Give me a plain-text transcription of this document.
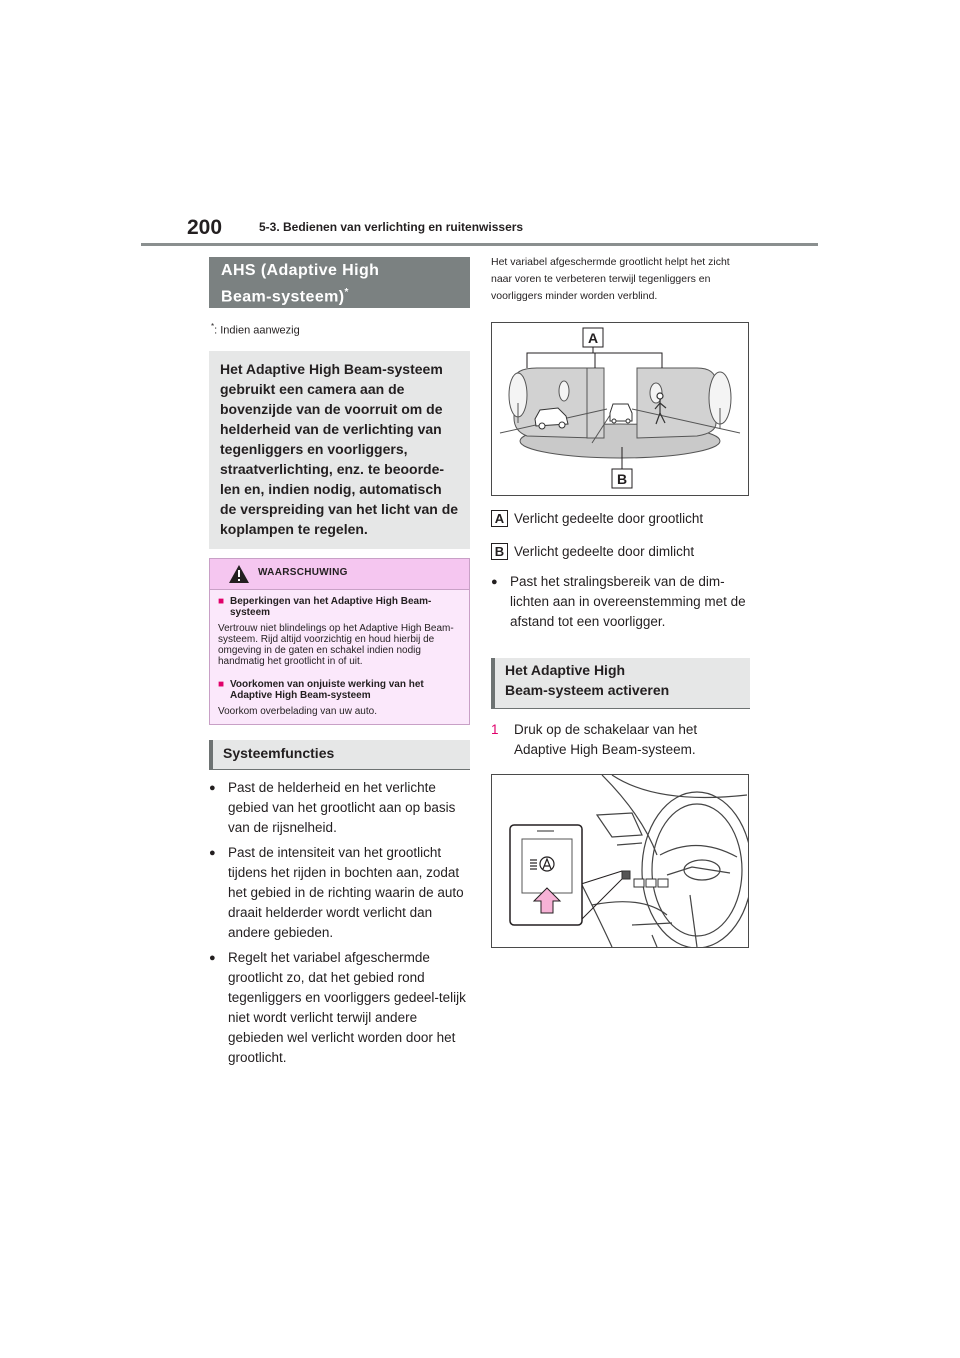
200	5-3. Bedienen van verlichting en ruitenwissers
AHS (Adaptive High
Beam-systeem)*
*: Indien aanwezig
Het Adaptive High Beam-systeem gebruikt een camera aan de bovenzijde van de voorruit om de helderheid van de verlichting van tegenliggers en voorliggers, straatverlichting, enz. te beoorde-len en, indien nodig, automatisch de verspreiding van het licht van de koplampen te regelen.
WAARSCHUWING
■ Beperkingen van het Adaptive High Beam-systeem
Vertrouw niet blindelings op het Adaptive High Beam-systeem. Rijd altijd voorzichtig en houd hierbij de omgeving in de gaten en schakel indien nodig handmatig het grootlicht in of uit.
■ Voorkomen van onjuiste werking van het Adaptive High Beam-systeem
Voorkom overbelading van uw auto.
Systeemfuncties
● Past de helderheid en het verlichte gebied van het grootlicht aan op basis van de rijsnelheid.
● Past de intensiteit van het grootlicht tijdens het rijden in bochten aan, zodat het gebied in de richting waarin de auto draait helderder wordt verlicht dan andere gebieden.
● Regelt het variabel afgeschermde grootlicht zo, dat het gebied rond tegenliggers en voorliggers gedeel-telijk niet wordt verlicht terwijl andere gebieden wel verlicht worden door het grootlicht.
Het variabel afgeschermde grootlicht helpt het zicht naar voren te verbeteren terwijl tegenliggers en voorliggers minder worden verblind.
A
B
A Verlicht gedeelte door grootlicht
B Verlicht gedeelte door dimlicht
● Past het stralingsbereik van de dim-lichten aan in overeenstemming met de afstand tot een voorligger.
Het Adaptive High
Beam-systeem activeren
1	Druk op de schakelaar van het Adaptive High Beam-systeem.
